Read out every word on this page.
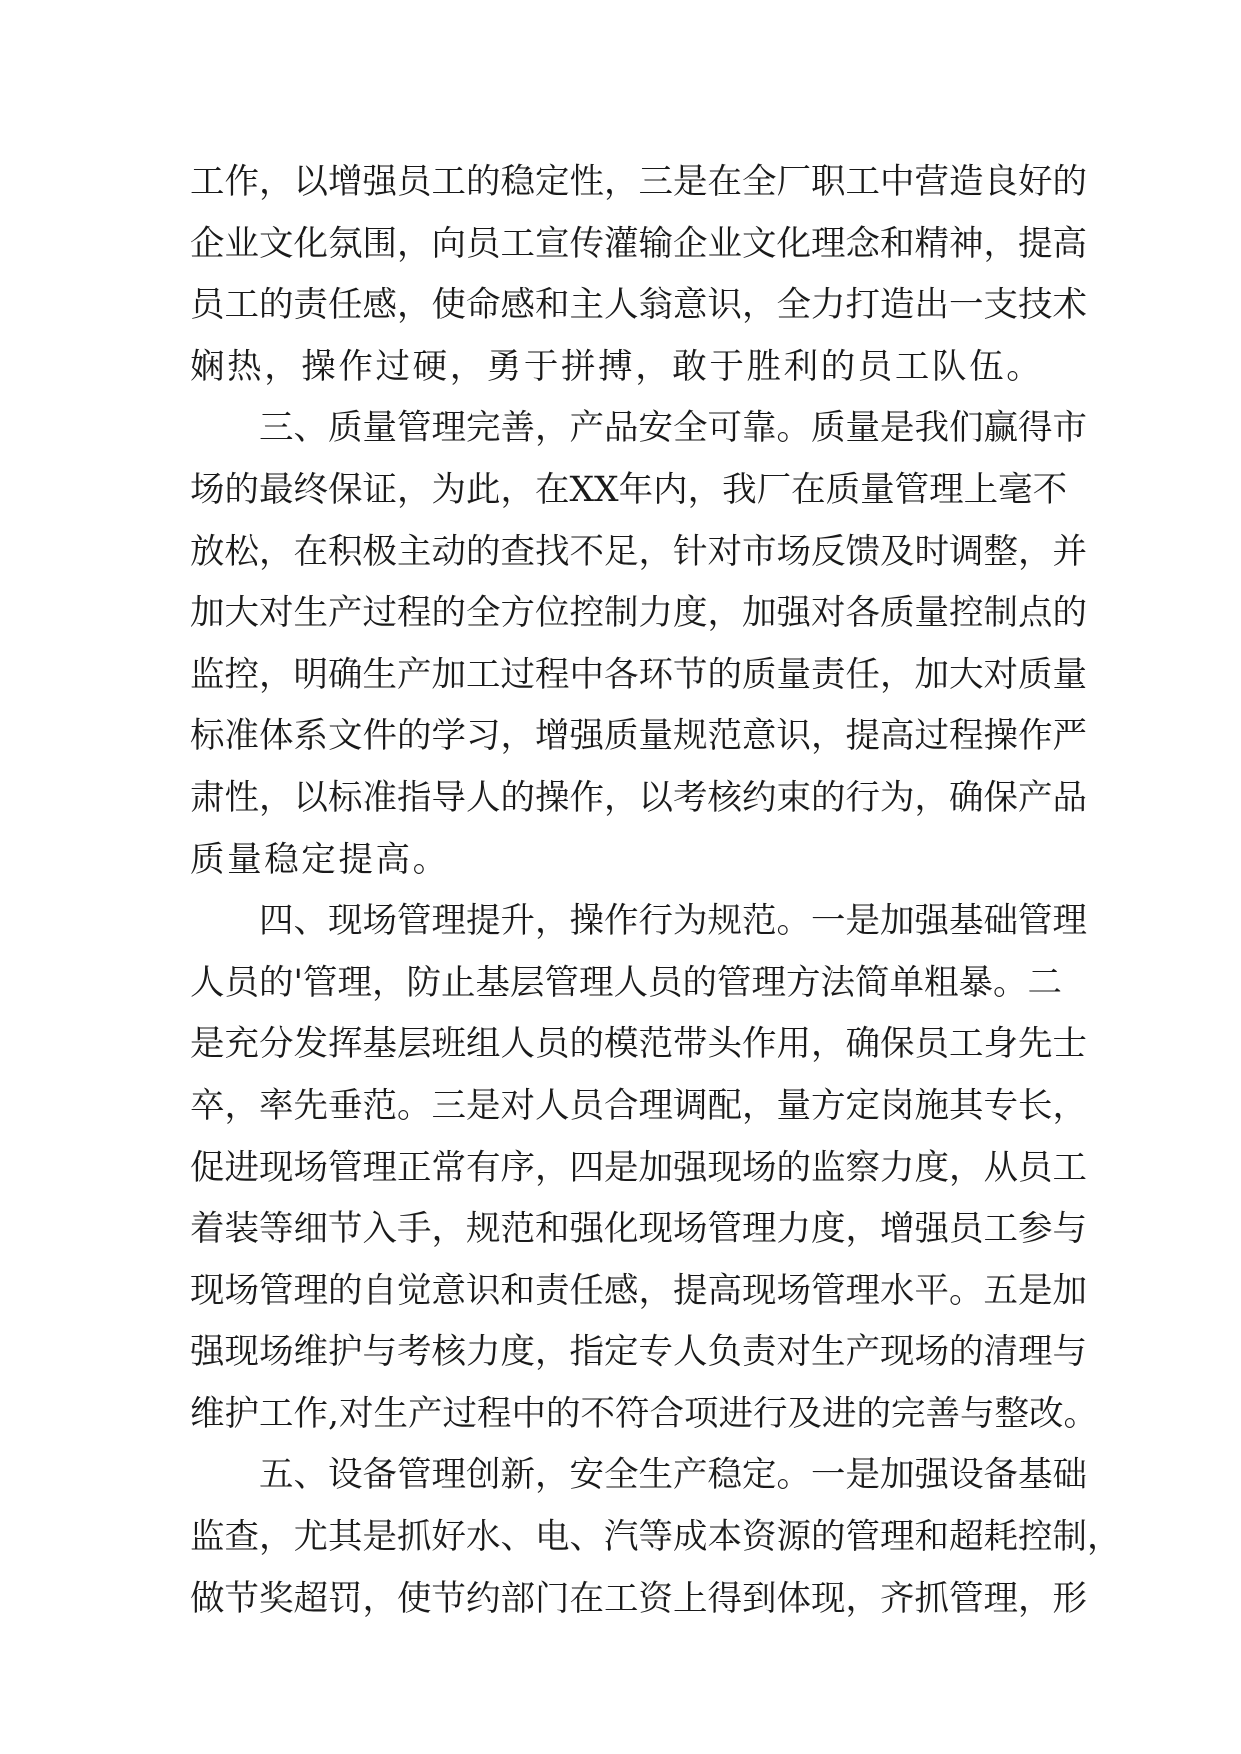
工作，以增强员工的稳定性，三是在全厂职工中营造良好的
企业文化氛围，向员工宣传灌输企业文化理念和精神，提高
员工的责任感，使命感和主人翁意识，全力打造出一支技术
娴热，操作过硬，勇于拼搏，敢于胜利的员工队伍。
三、质量管理完善，产品安全可靠。质量是我们赢得市
场的最终保证，为此，在XX年内，我厂在质量管理上毫不
放松，在积极主动的查找不足，针对市场反馈及时调整，并
加大对生产过程的全方位控制力度，加强对各质量控制点的
监控，明确生产加工过程中各环节的质量责任，加大对质量
标准体系文件的学习，增强质量规范意识，提高过程操作严
肃性，以标准指导人的操作，以考核约束的行为，确保产品
质量稳定提高。
四、现场管理提升，操作行为规范。一是加强基础管理
人员的'管理，防止基层管理人员的管理方法简单粗暴。二
是充分发挥基层班组人员的模范带头作用，确保员工身先士
卒，率先垂范。三是对人员合理调配，量方定岗施其专长，
促进现场管理正常有序，四是加强现场的监察力度，从员工
着装等细节入手，规范和强化现场管理力度，增强员工参与
现场管理的自觉意识和责任感，提高现场管理水平。五是加
强现场维护与考核力度，指定专人负责对生产现场的清理与
维护工作,对生产过程中的不符合项进行及进的完善与整改。
五、设备管理创新，安全生产稳定。一是加强设备基础
监查，尤其是抓好水、电、汽等成本资源的管理和超耗控制，
做节奖超罚，使节约部门在工资上得到体现，齐抓管理，形
